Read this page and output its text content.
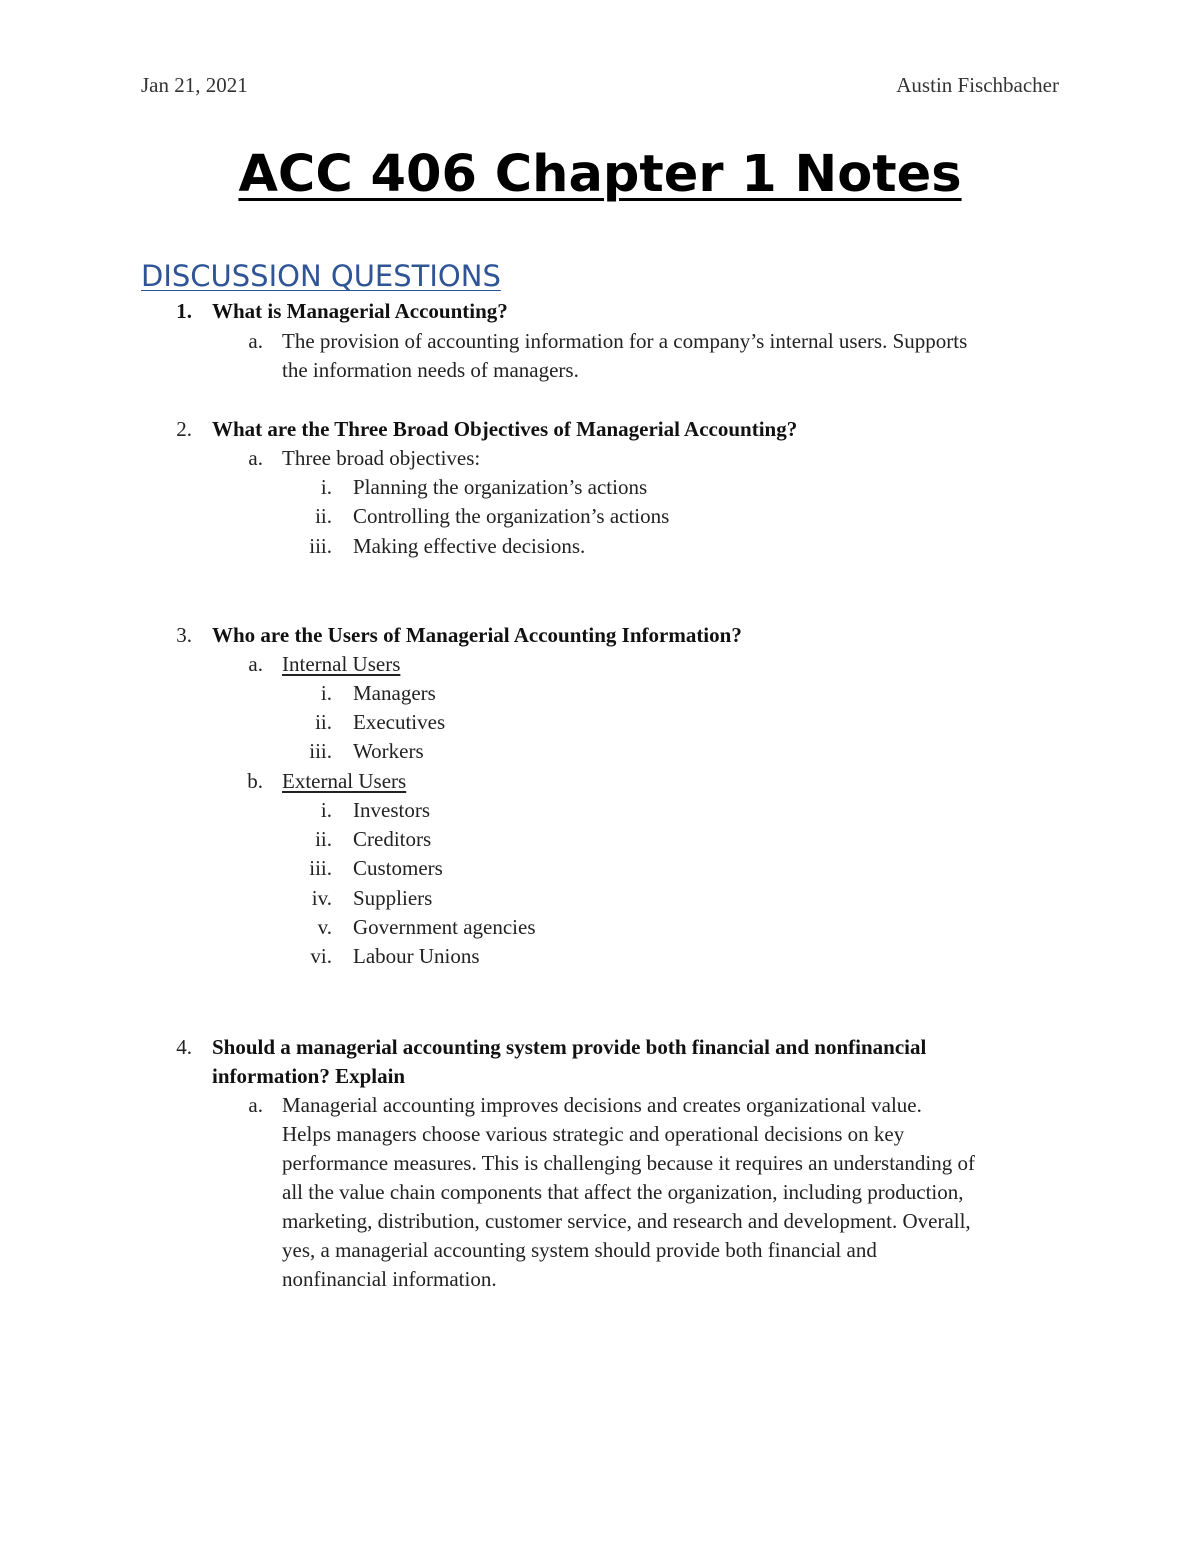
Jan 21, 2021	Austin Fischbacher
ACC 406 Chapter 1 Notes
DISCUSSION QUESTIONS
1. What is Managerial Accounting?
a. The provision of accounting information for a company’s internal users. Supports
the information needs of managers.
2. What are the Three Broad Objectives of Managerial Accounting?
a. Three broad objectives:
i. Planning the organization’s actions
ii. Controlling the organization’s actions
iii. Making effective decisions.
3. Who are the Users of Managerial Accounting Information?
a. Internal Users
i. Managers
ii. Executives
iii. Workers
b. External Users
i. Investors
ii. Creditors
iii. Customers
iv. Suppliers
v. Government agencies
vi. Labour Unions
4. Should a managerial accounting system provide both financial and nonfinancial
information? Explain
a. Managerial accounting improves decisions and creates organizational value.
Helps managers choose various strategic and operational decisions on key
performance measures. This is challenging because it requires an understanding of
all the value chain components that affect the organization, including production,
marketing, distribution, customer service, and research and development. Overall,
yes, a managerial accounting system should provide both financial and
nonfinancial information.
